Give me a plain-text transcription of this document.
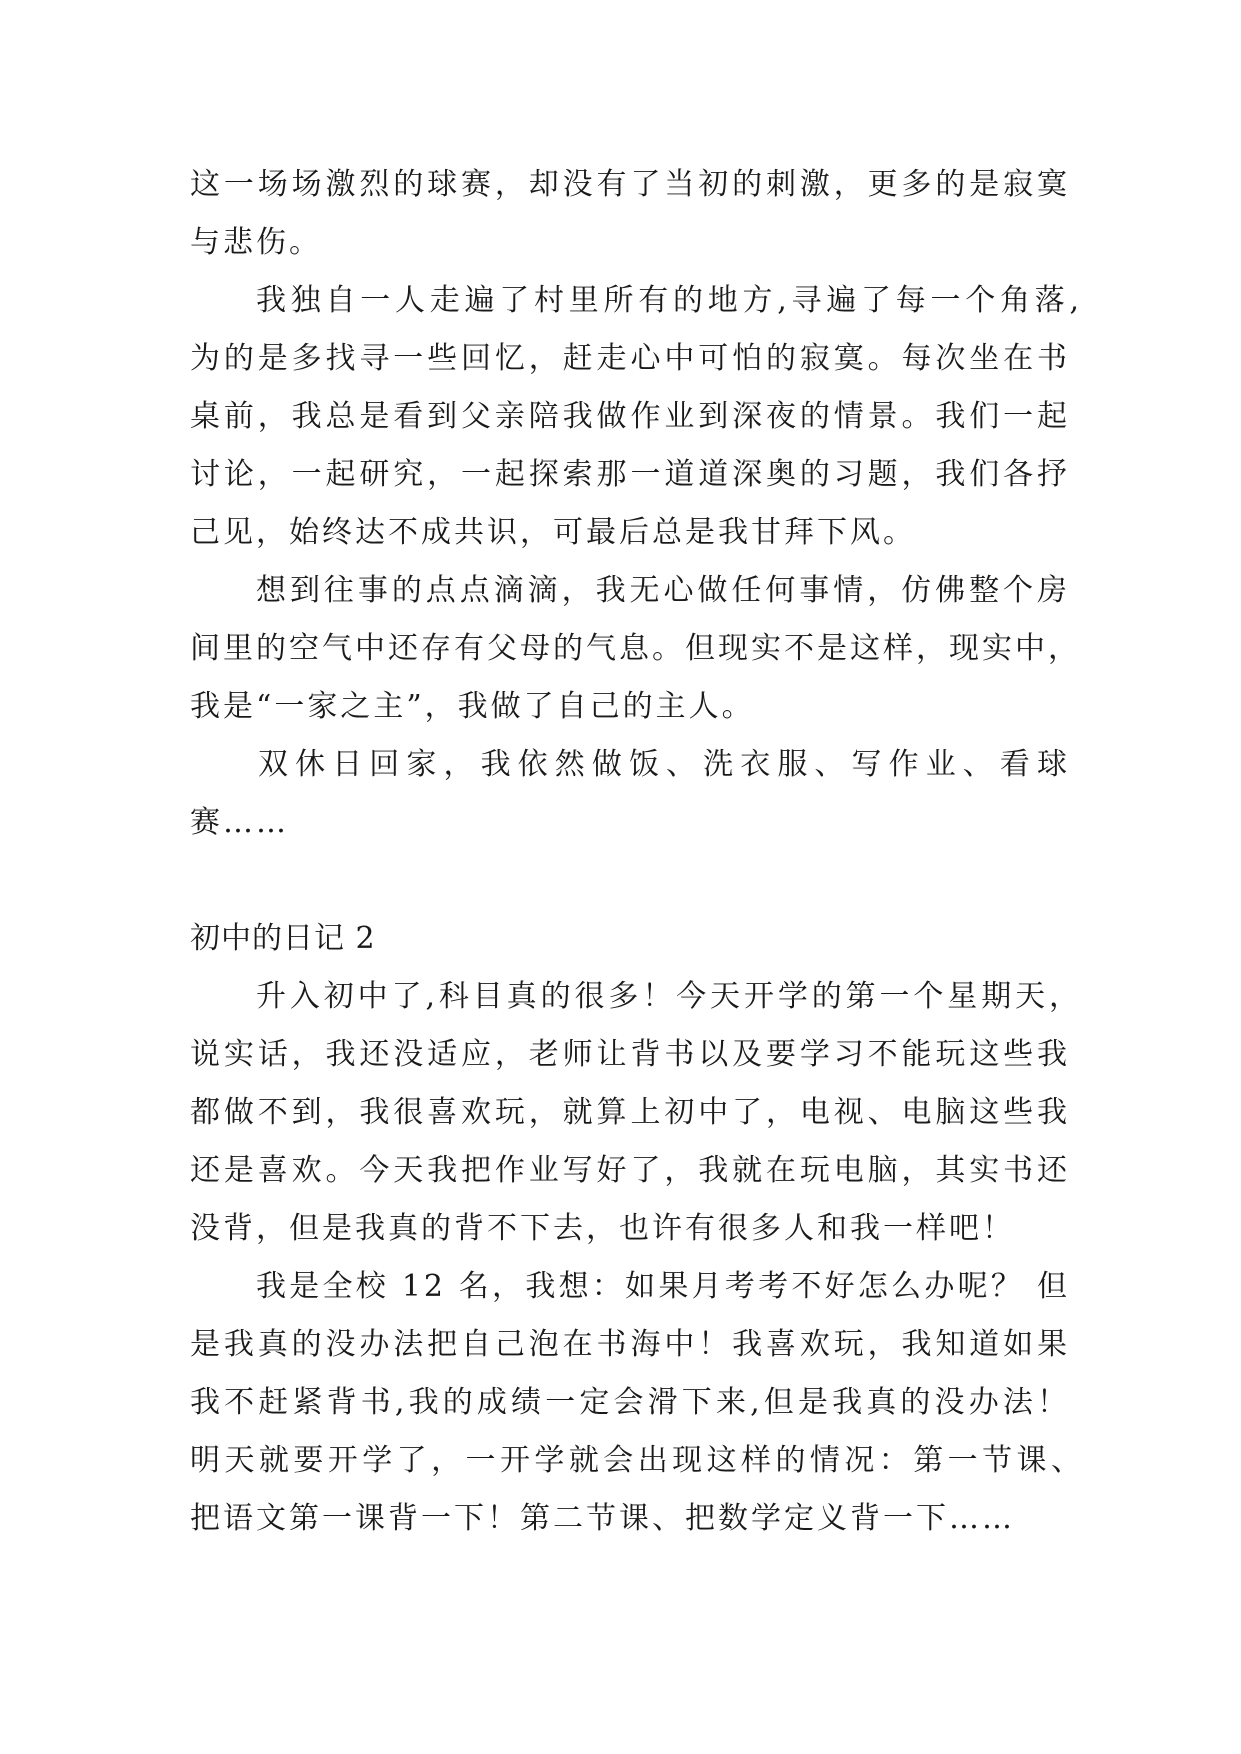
这一场场激烈的球赛，却没有了当初的刺激，更多的是寂寞
与悲伤。
我独自一人走遍了村里所有的地方,寻遍了每一个角落,
为的是多找寻一些回忆，赶走心中可怕的寂寞。每次坐在书
桌前，我总是看到父亲陪我做作业到深夜的情景。我们一起
讨论，一起研究，一起探索那一道道深奥的习题，我们各抒
己见，始终达不成共识，可最后总是我甘拜下风。
想到往事的点点滴滴，我无心做任何事情，仿佛整个房
间里的空气中还存有父母的气息。但现实不是这样，现实中，
我是“一家之主”，我做了自己的主人。
双休日回家，我依然做饭、洗衣服、写作业、看球
赛……
初中的日记 2
升入初中了,科目真的很多！今天开学的第一个星期天，
说实话，我还没适应，老师让背书以及要学习不能玩这些我
都做不到，我很喜欢玩，就算上初中了，电视、电脑这些我
还是喜欢。今天我把作业写好了，我就在玩电脑，其实书还
没背，但是我真的背不下去，也许有很多人和我一样吧！
我是全校 12 名，我想：如果月考考不好怎么办呢？ 但
是我真的没办法把自己泡在书海中！我喜欢玩，我知道如果
我不赶紧背书,我的成绩一定会滑下来,但是我真的没办法！
明天就要开学了，一开学就会出现这样的情况：第一节课、
把语文第一课背一下！第二节课、把数学定义背一下……
